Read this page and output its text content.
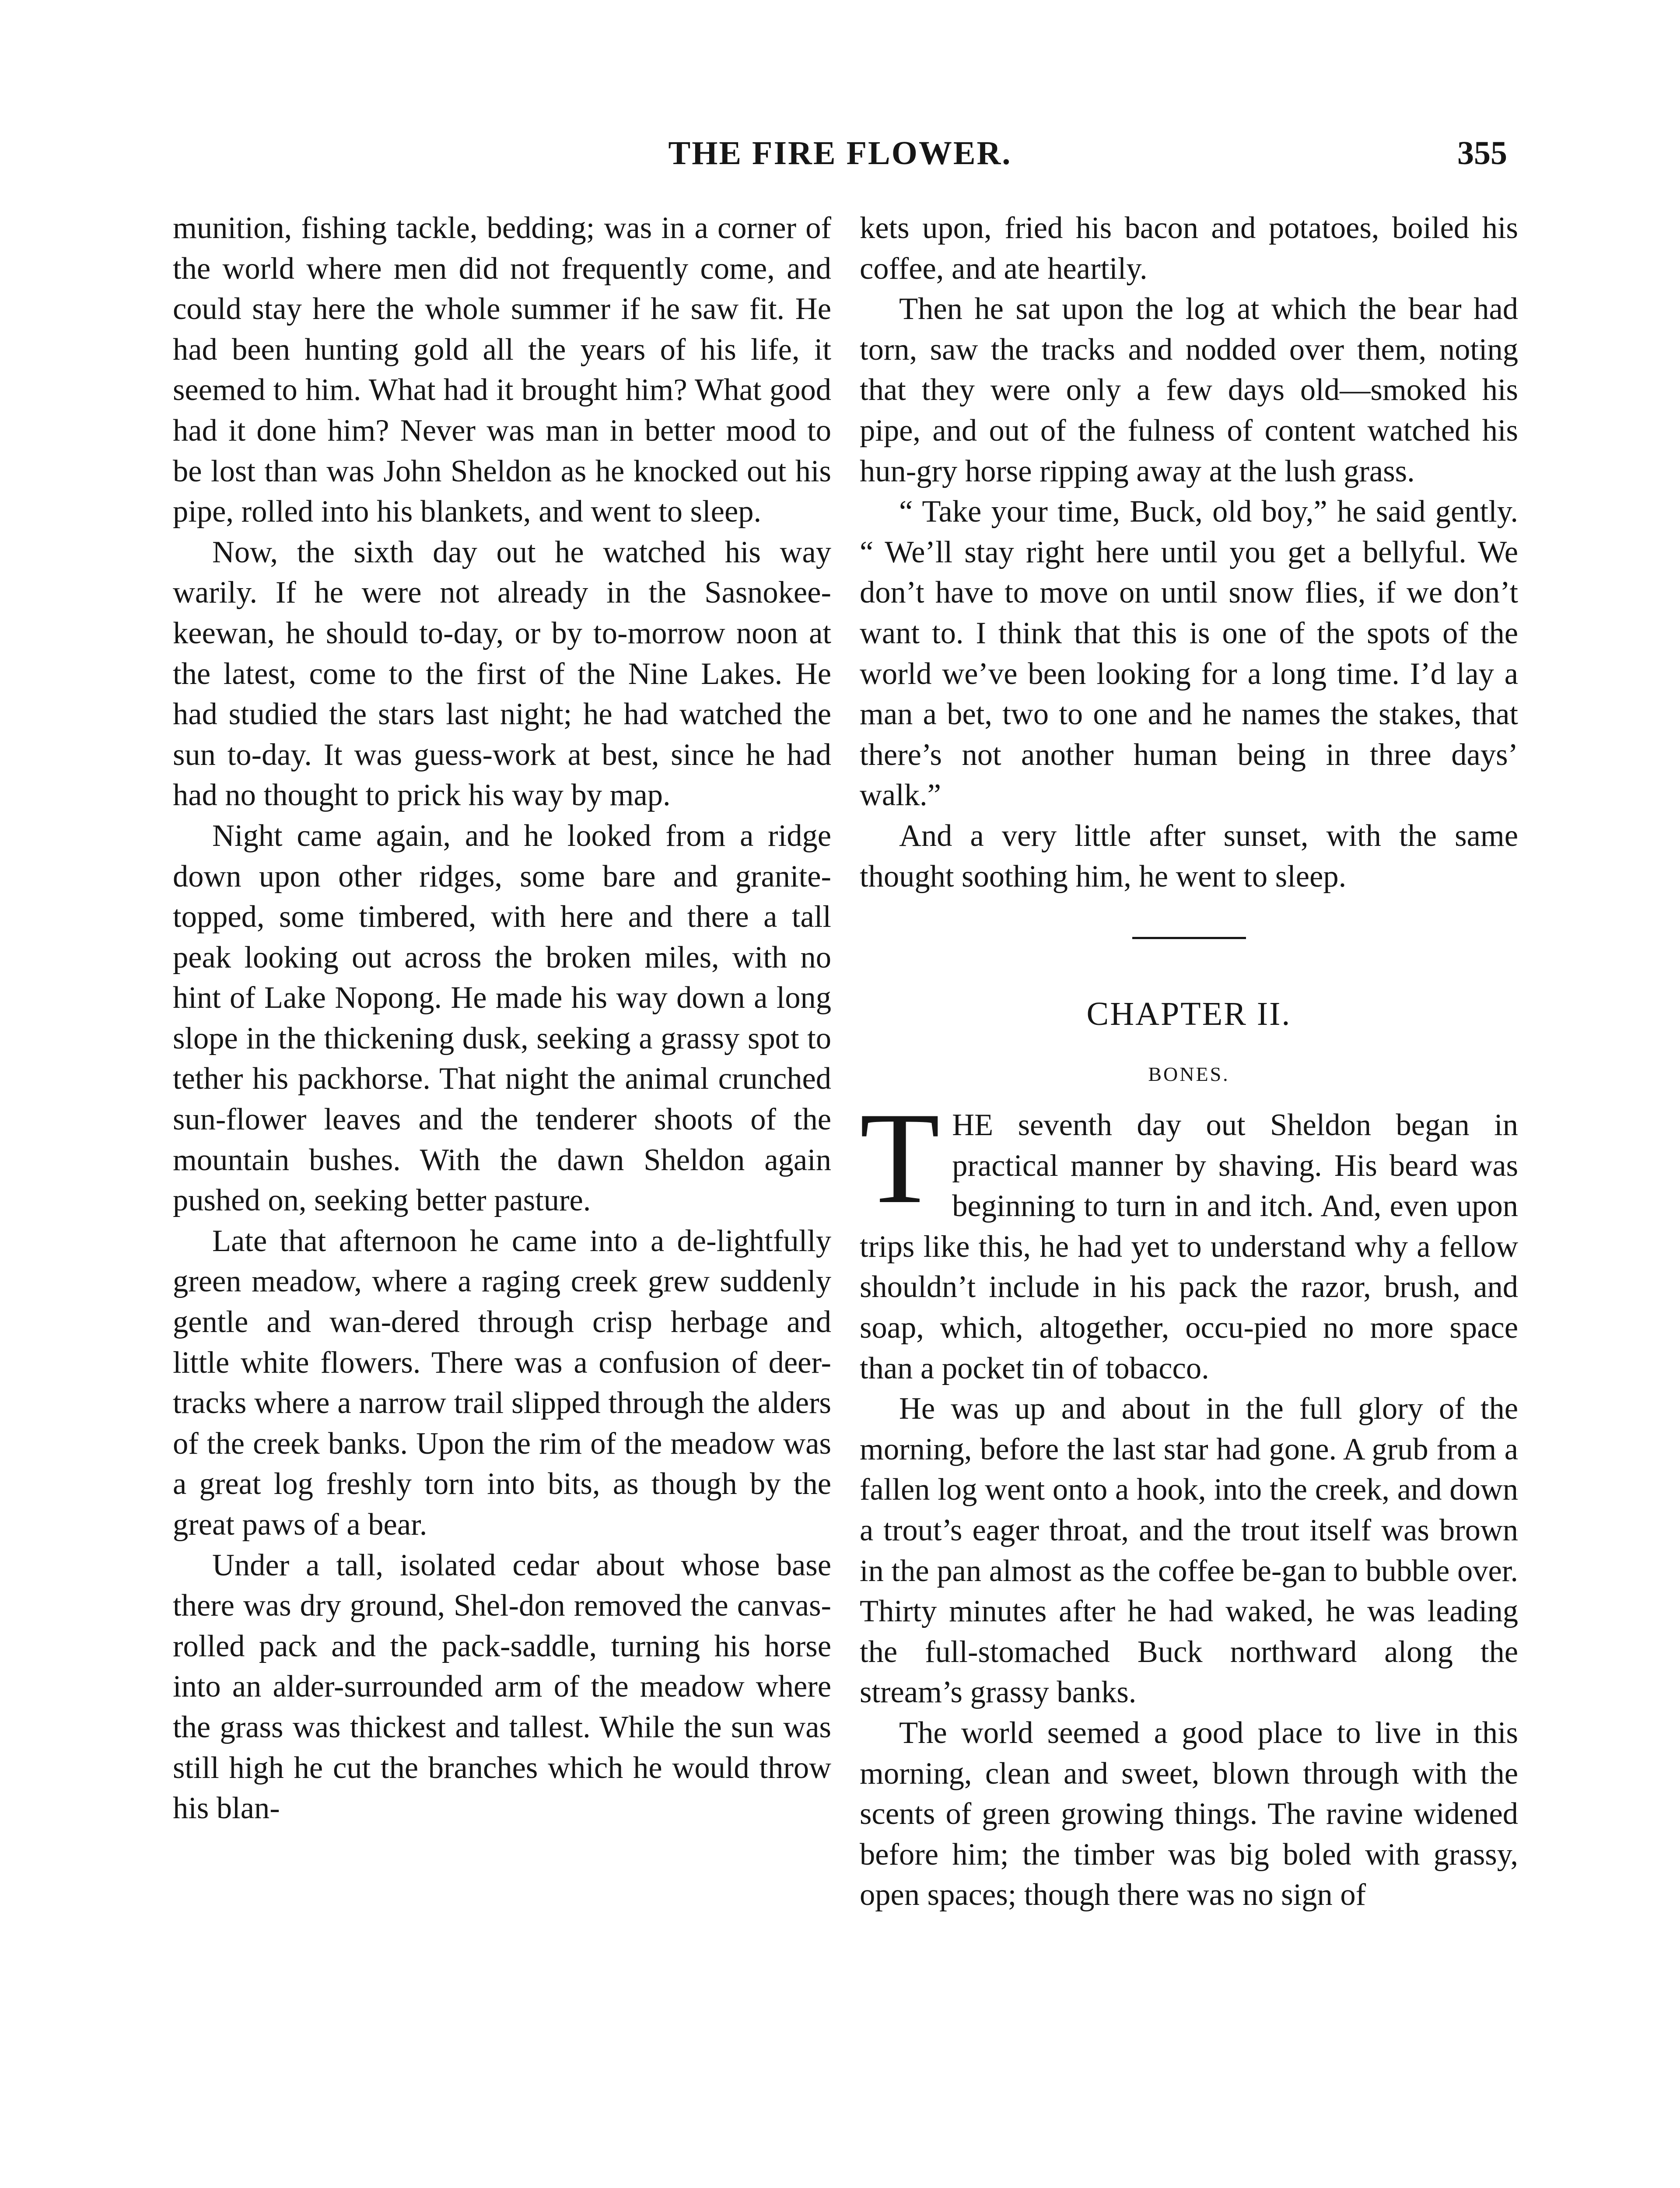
THE FIRE FLOWER.	355

munition, fishing tackle, bedding; was in a corner of the world where men did not frequently come, and could stay here the whole summer if he saw fit. He had been hunting gold all the years of his life, it seemed to him. What had it brought him? What good had it done him? Never was man in better mood to be lost than was John Sheldon as he knocked out his pipe, rolled into his blankets, and went to sleep.

Now, the sixth day out he watched his way warily. If he were not already in the Sasnokee-keewan, he should to-day, or by to-morrow noon at the latest, come to the first of the Nine Lakes. He had studied the stars last night; he had watched the sun to-day. It was guess-work at best, since he had had no thought to prick his way by map.

Night came again, and he looked from a ridge down upon other ridges, some bare and granite-topped, some timbered, with here and there a tall peak looking out across the broken miles, with no hint of Lake Nopong. He made his way down a long slope in the thickening dusk, seeking a grassy spot to tether his packhorse. That night the animal crunched sun-flower leaves and the tenderer shoots of the mountain bushes. With the dawn Sheldon again pushed on, seeking better pasture.

Late that afternoon he came into a de-lightfully green meadow, where a raging creek grew suddenly gentle and wan-dered through crisp herbage and little white flowers. There was a confusion of deer-tracks where a narrow trail slipped through the alders of the creek banks. Upon the rim of the meadow was a great log freshly torn into bits, as though by the great paws of a bear.

Under a tall, isolated cedar about whose base there was dry ground, Shel-don removed the canvas-rolled pack and the pack-saddle, turning his horse into an alder-surrounded arm of the meadow where the grass was thickest and tallest. While the sun was still high he cut the branches which he would throw his blan-

kets upon, fried his bacon and potatoes, boiled his coffee, and ate heartily.

Then he sat upon the log at which the bear had torn, saw the tracks and nodded over them, noting that they were only a few days old—smoked his pipe, and out of the fulness of content watched his hun-gry horse ripping away at the lush grass.

“ Take your time, Buck, old boy,” he said gently. “ We’ll stay right here until you get a bellyful. We don’t have to move on until snow flies, if we don’t want to. I think that this is one of the spots of the world we’ve been looking for a long time. I’d lay a man a bet, two to one and he names the stakes, that there’s not another human being in three days’ walk.”

And a very little after sunset, with the same thought soothing him, he went to sleep.

CHAPTER II.
BONES.

THE seventh day out Sheldon began in practical manner by shaving. His beard was beginning to turn in and itch. And, even upon trips like this, he had yet to understand why a fellow shouldn’t include in his pack the razor, brush, and soap, which, altogether, occu-pied no more space than a pocket tin of tobacco.

He was up and about in the full glory of the morning, before the last star had gone. A grub from a fallen log went onto a hook, into the creek, and down a trout’s eager throat, and the trout itself was brown in the pan almost as the coffee be-gan to bubble over. Thirty minutes after he had waked, he was leading the full-stomached Buck northward along the stream’s grassy banks.

The world seemed a good place to live in this morning, clean and sweet, blown through with the scents of green growing things. The ravine widened before him; the timber was big boled with grassy, open spaces; though there was no sign of
